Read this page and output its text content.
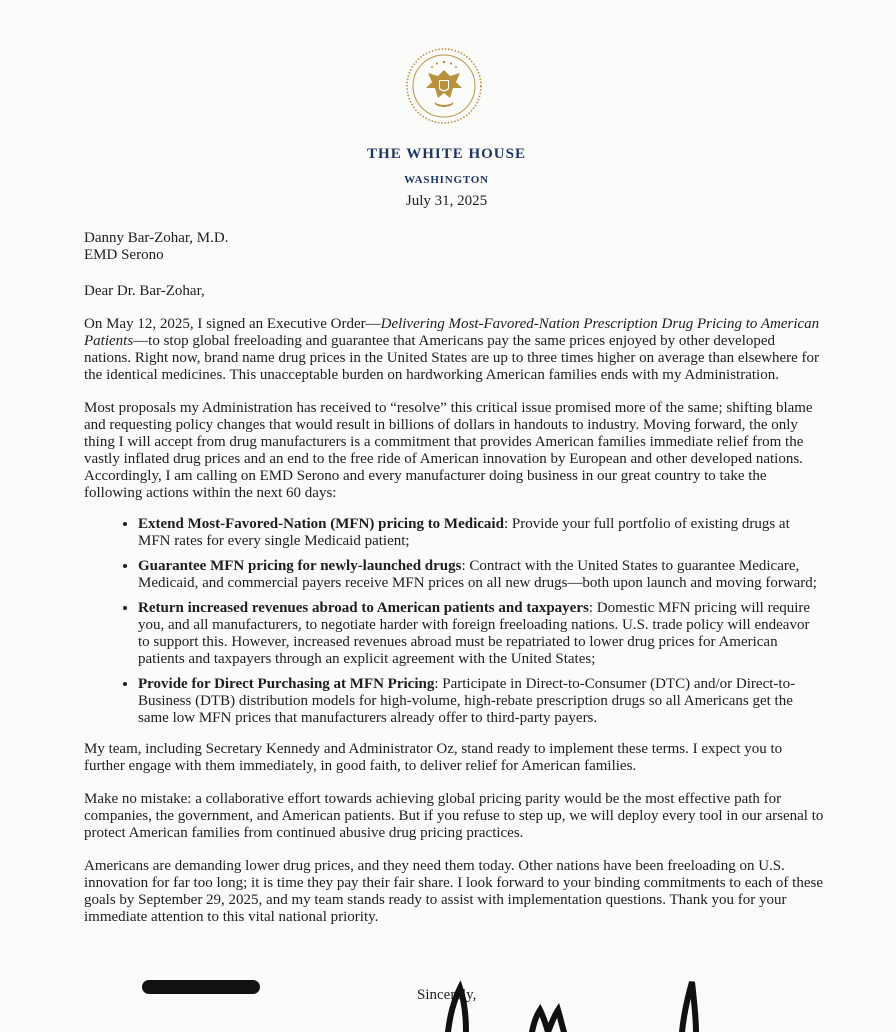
THE WHITE HOUSE
WASHINGTON
July 31, 2025
Danny Bar-Zohar, M.D.
EMD Serono

Dear Dr. Bar-Zohar,

On May 12, 2025, I signed an Executive Order—Delivering Most-Favored-Nation Prescription Drug Pricing to American Patients—to stop global freeloading and guarantee that Americans pay the same prices enjoyed by other developed nations. Right now, brand name drug prices in the United States are up to three times higher on average than elsewhere for the identical medicines. This unacceptable burden on hardworking American families ends with my Administration.

Most proposals my Administration has received to “resolve” this critical issue promised more of the same; shifting blame and requesting policy changes that would result in billions of dollars in handouts to industry. Moving forward, the only thing I will accept from drug manufacturers is a commitment that provides American families immediate relief from the vastly inflated drug prices and an end to the free ride of American innovation by European and other developed nations. Accordingly, I am calling on EMD Serono and every manufacturer doing business in our great country to take the following actions within the next 60 days:

• Extend Most-Favored-Nation (MFN) pricing to Medicaid: Provide your full portfolio of existing drugs at MFN rates for every single Medicaid patient;
• Guarantee MFN pricing for newly-launched drugs: Contract with the United States to guarantee Medicare, Medicaid, and commercial payers receive MFN prices on all new drugs—both upon launch and moving forward;
• Return increased revenues abroad to American patients and taxpayers: Domestic MFN pricing will require you, and all manufacturers, to negotiate harder with foreign freeloading nations. U.S. trade policy will endeavor to support this. However, increased revenues abroad must be repatriated to lower drug prices for American patients and taxpayers through an explicit agreement with the United States;
• Provide for Direct Purchasing at MFN Pricing: Participate in Direct-to-Consumer (DTC) and/or Direct-to-Business (DTB) distribution models for high-volume, high-rebate prescription drugs so all Americans get the same low MFN prices that manufacturers already offer to third-party payers.

My team, including Secretary Kennedy and Administrator Oz, stand ready to implement these terms. I expect you to further engage with them immediately, in good faith, to deliver relief for American families.

Make no mistake: a collaborative effort towards achieving global pricing parity would be the most effective path for companies, the government, and American patients. But if you refuse to step up, we will deploy every tool in our arsenal to protect American families from continued abusive drug pricing practices.

Americans are demanding lower drug prices, and they need them today. Other nations have been freeloading on U.S. innovation for far too long; it is time they pay their fair share. I look forward to your binding commitments to each of these goals by September 29, 2025, and my team stands ready to assist with implementation questions. Thank you for your immediate attention to this vital national priority.

Sincerely,
